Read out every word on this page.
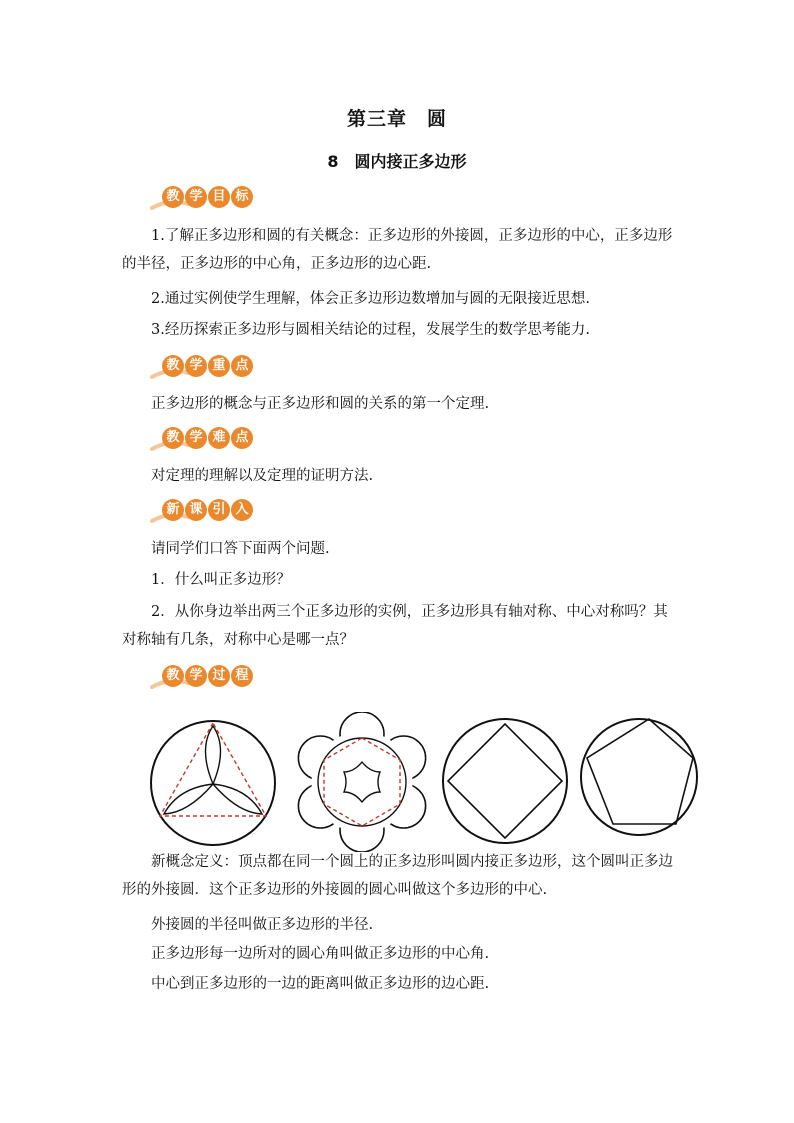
第三章　圆
8　圆内接正多边形
教 学 目 标
1.了解正多边形和圆的有关概念：正多边形的外接圆，正多边形的中心，正多边形的半径，正多边形的中心角，正多边形的边心距.
2.通过实例使学生理解，体会正多边形边数增加与圆的无限接近思想.
3.经历探索正多边形与圆相关结论的过程，发展学生的数学思考能力.
教 学 重 点
正多边形的概念与正多边形和圆的关系的第一个定理.
教 学 难 点
对定理的理解以及定理的证明方法.
新 课 引 入
请同学们口答下面两个问题.
1．什么叫正多边形？
2．从你身边举出两三个正多边形的实例，正多边形具有轴对称、中心对称吗？其对称轴有几条，对称中心是哪一点？
教 学 过 程
新概念定义：顶点都在同一个圆上的正多边形叫圆内接正多边形，这个圆叫正多边形的外接圆．这个正多边形的外接圆的圆心叫做这个多边形的中心.
外接圆的半径叫做正多边形的半径.
正多边形每一边所对的圆心角叫做正多边形的中心角.
中心到正多边形的一边的距离叫做正多边形的边心距.
